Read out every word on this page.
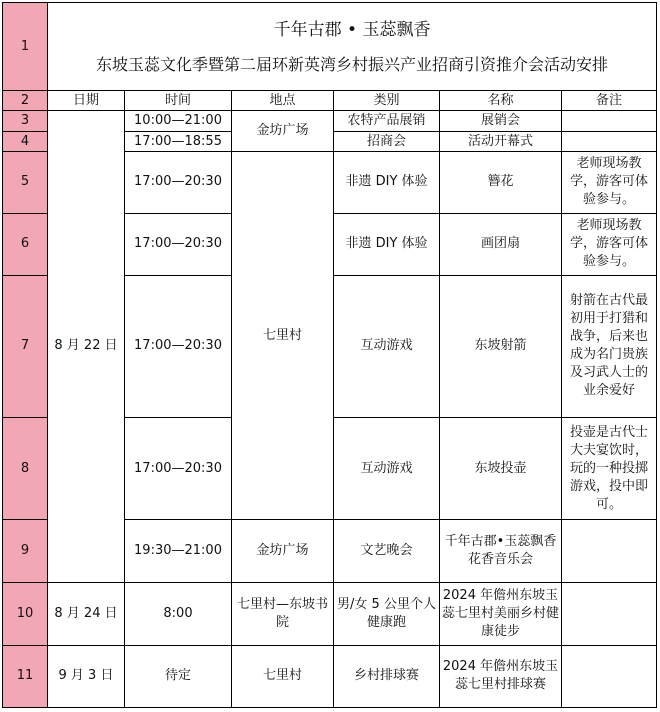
1	千年古郡 • 玉蕊飘香
东坡玉蕊文化季暨第二届环新英湾乡村振兴产业招商引资推介会活动安排					

2	日期	时间	地点	类别	名称	备注
3	8 月 22 日	10:00—21:00	金坊广场	农特产品展销	展销会	
4		17:00—18:55		招商会	活动开幕式	
5		17:00—20:30	七里村	非遗 DIY 体验	簪花	老师现场教学，游客可体验参与。
6		17:00—20:30		非遗 DIY 体验	画团扇	老师现场教学，游客可体验参与。
7		17:00—20:30		互动游戏	东坡射箭	射箭在古代最初用于打猎和战争，后来也成为名门贵族及习武人士的业余爱好
8		17:00—20:30		互动游戏	东坡投壶	投壶是古代士大夫宴饮时，玩的一种投掷游戏，投中即可。
9		19:30—21:00	金坊广场	文艺晚会	千年古郡•玉蕊飘香 花香音乐会	
10	8 月 24 日	8:00	七里村—东坡书院	男/女 5 公里个人健康跑	2024 年儋州东坡玉蕊七里村美丽乡村健康徒步	
11	9 月 3 日	待定	七里村	乡村排球赛	2024 年儋州东坡玉蕊七里村排球赛	
